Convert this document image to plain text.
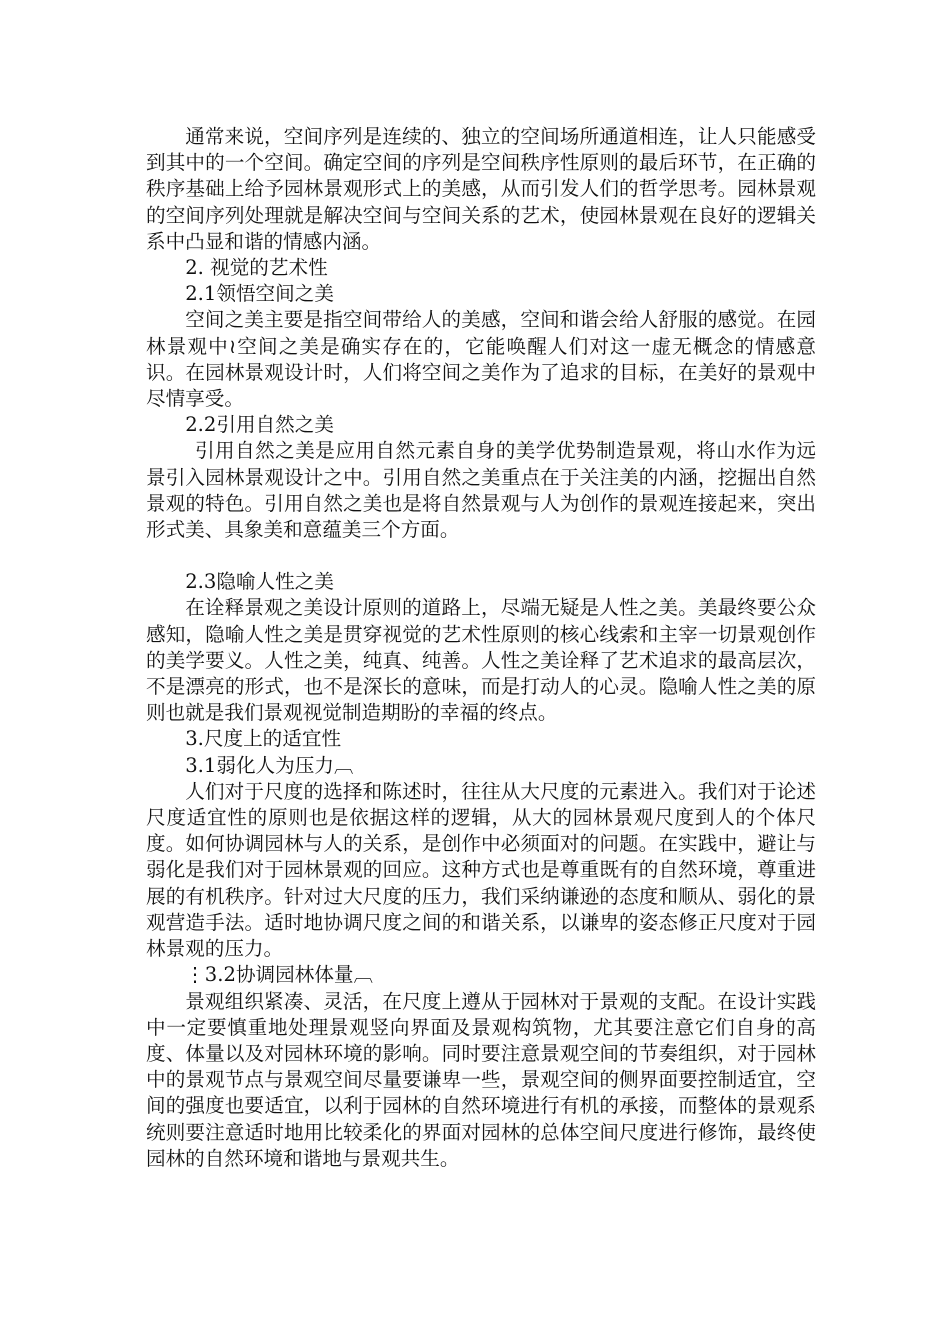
通常来说，空间序列是连续的、独立的空间场所通道相连，让人只能感受到其中的一个空间。确定空间的序列是空间秩序性原则的最后环节，在正确的秩序基础上给予园林景观形式上的美感，从而引发人们的哲学思考。园林景观的空间序列处理就是解决空间与空间关系的艺术，使园林景观在良好的逻辑关系中凸显和谐的情感内涵。

2. 视觉的艺术性

2.1领悟空间之美

空间之美主要是指空间带给人的美感，空间和谐会给人舒服的感觉。在园林景观中≀空间之美是确实存在的，它能唤醒人们对这一虚无概念的情感意识。在园林景观设计时，人们将空间之美作为了追求的目标，在美好的景观中尽情享受。

2.2引用自然之美

引用自然之美是应用自然元素自身的美学优势制造景观，将山水作为远景引入园林景观设计之中。引用自然之美重点在于关注美的内涵，挖掘出自然景观的特色。引用自然之美也是将自然景观与人为创作的景观连接起来，突出形式美、具象美和意蕴美三个方面。

2.3隐喻人性之美

在诠释景观之美设计原则的道路上，尽端无疑是人性之美。美最终要公众感知，隐喻人性之美是贯穿视觉的艺术性原则的核心线索和主宰一切景观创作的美学要义。人性之美，纯真、纯善。人性之美诠释了艺术追求的最高层次，不是漂亮的形式，也不是深长的意味，而是打动人的心灵。隐喻人性之美的原则也就是我们景观视觉制造期盼的幸福的终点。

3.尺度上的适宜性

3.1弱化人为压力︹

人们对于尺度的选择和陈述时，往往从大尺度的元素进入。我们对于论述尺度适宜性的原则也是依据这样的逻辑，从大的园林景观尺度到人的个体尺度。如何协调园林与人的关系，是创作中必须面对的问题。在实践中，避让与弱化是我们对于园林景观的回应。这种方式也是尊重既有的自然环境，尊重进展的有机秩序。针对过大尺度的压力，我们采纳谦逊的态度和顺从、弱化的景观营造手法。适时地协调尺度之间的和谐关系，以谦卑的姿态修正尺度对于园林景观的压力。

⋮3.2协调园林体量︹

景观组织紧凑、灵活，在尺度上遵从于园林对于景观的支配。在设计实践中一定要慎重地处理景观竖向界面及景观构筑物，尤其要注意它们自身的高度、体量以及对园林环境的影响。同时要注意景观空间的节奏组织，对于园林中的景观节点与景观空间尽量要谦卑一些，景观空间的侧界面要控制适宜，空间的强度也要适宜，以利于园林的自然环境进行有机的承接，而整体的景观系统则要注意适时地用比较柔化的界面对园林的总体空间尺度进行修饰，最终使园林的自然环境和谐地与景观共生。
